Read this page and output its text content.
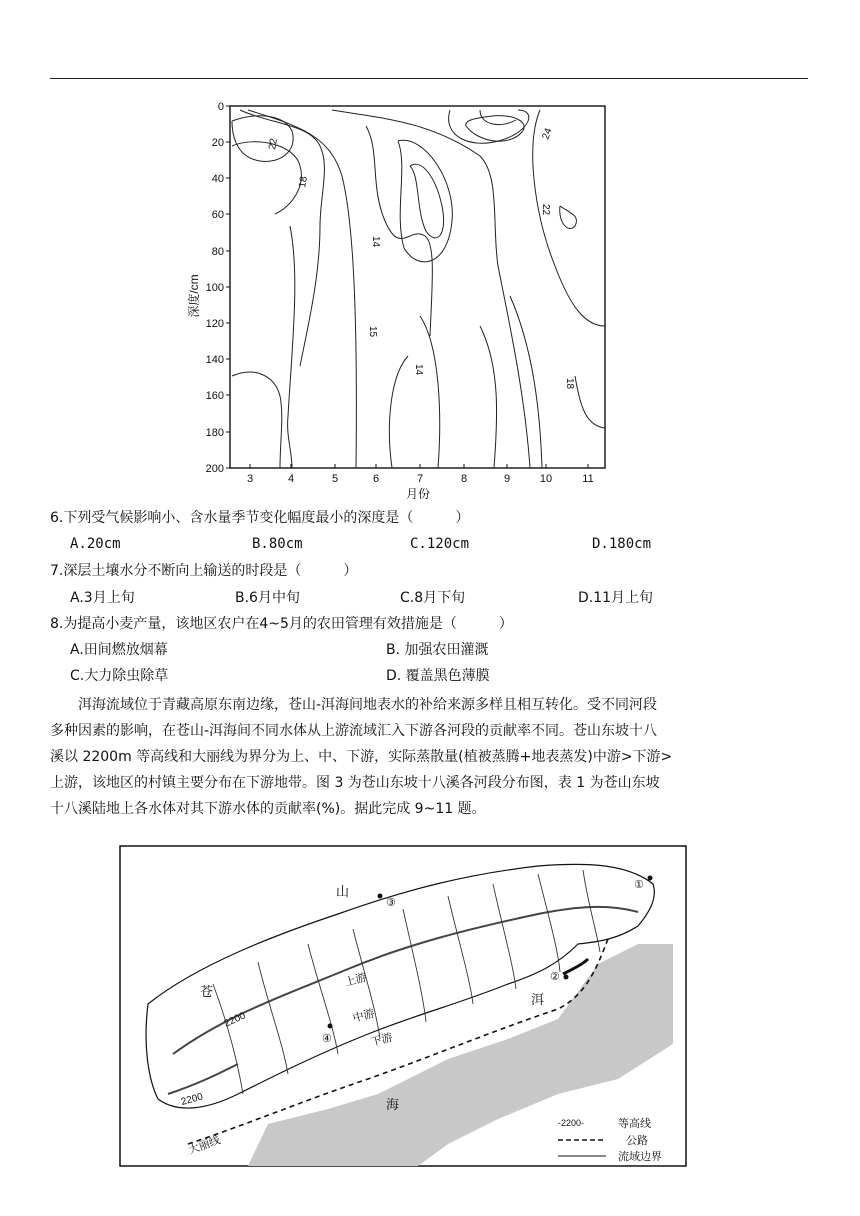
0
20
40
60
80
100
120
140
160
180
200
深度/cm
3	4	5	6	7	8	9	10	11
月份
22
18
14
15
14
24
22
18
6.下列受气候影响小、含水量季节变化幅度最小的深度是（　　　）
A.20cm	B.80cm	C.120cm	D.180cm
7.深层土壤水分不断向上输送的时段是（　　　）
A.3月上旬	B.6月中旬	C.8月下旬	D.11月上旬
8.为提高小麦产量，该地区农户在4~5月的农田管理有效措施是（　　　）
A.田间燃放烟幕	B. 加强农田灌溉
C.大力除虫除草	D. 覆盖黑色薄膜
　　洱海流域位于青藏高原东南边缘，苍山-洱海间地表水的补给来源多样且相互转化。受不同河段
多种因素的影响，在苍山-洱海间不同水体从上游流域汇入下游各河段的贡献率不同。苍山东坡十八
溪以 2200m 等高线和大丽线为界分为上、中、下游，实际蒸散量(植被蒸腾+地表蒸发)中游>下游>
上游，该地区的村镇主要分布在下游地带。图 3 为苍山东坡十八溪各河段分布图，表 1 为苍山东坡
十八溪陆地上各水体对其下游水体的贡献率(%)。据此完成 9~11 题。
山
苍
洱
海
③
①
②
④
上游
中游
下游
2200
2200
大丽线
-2200-	等高线
公路
流域边界
